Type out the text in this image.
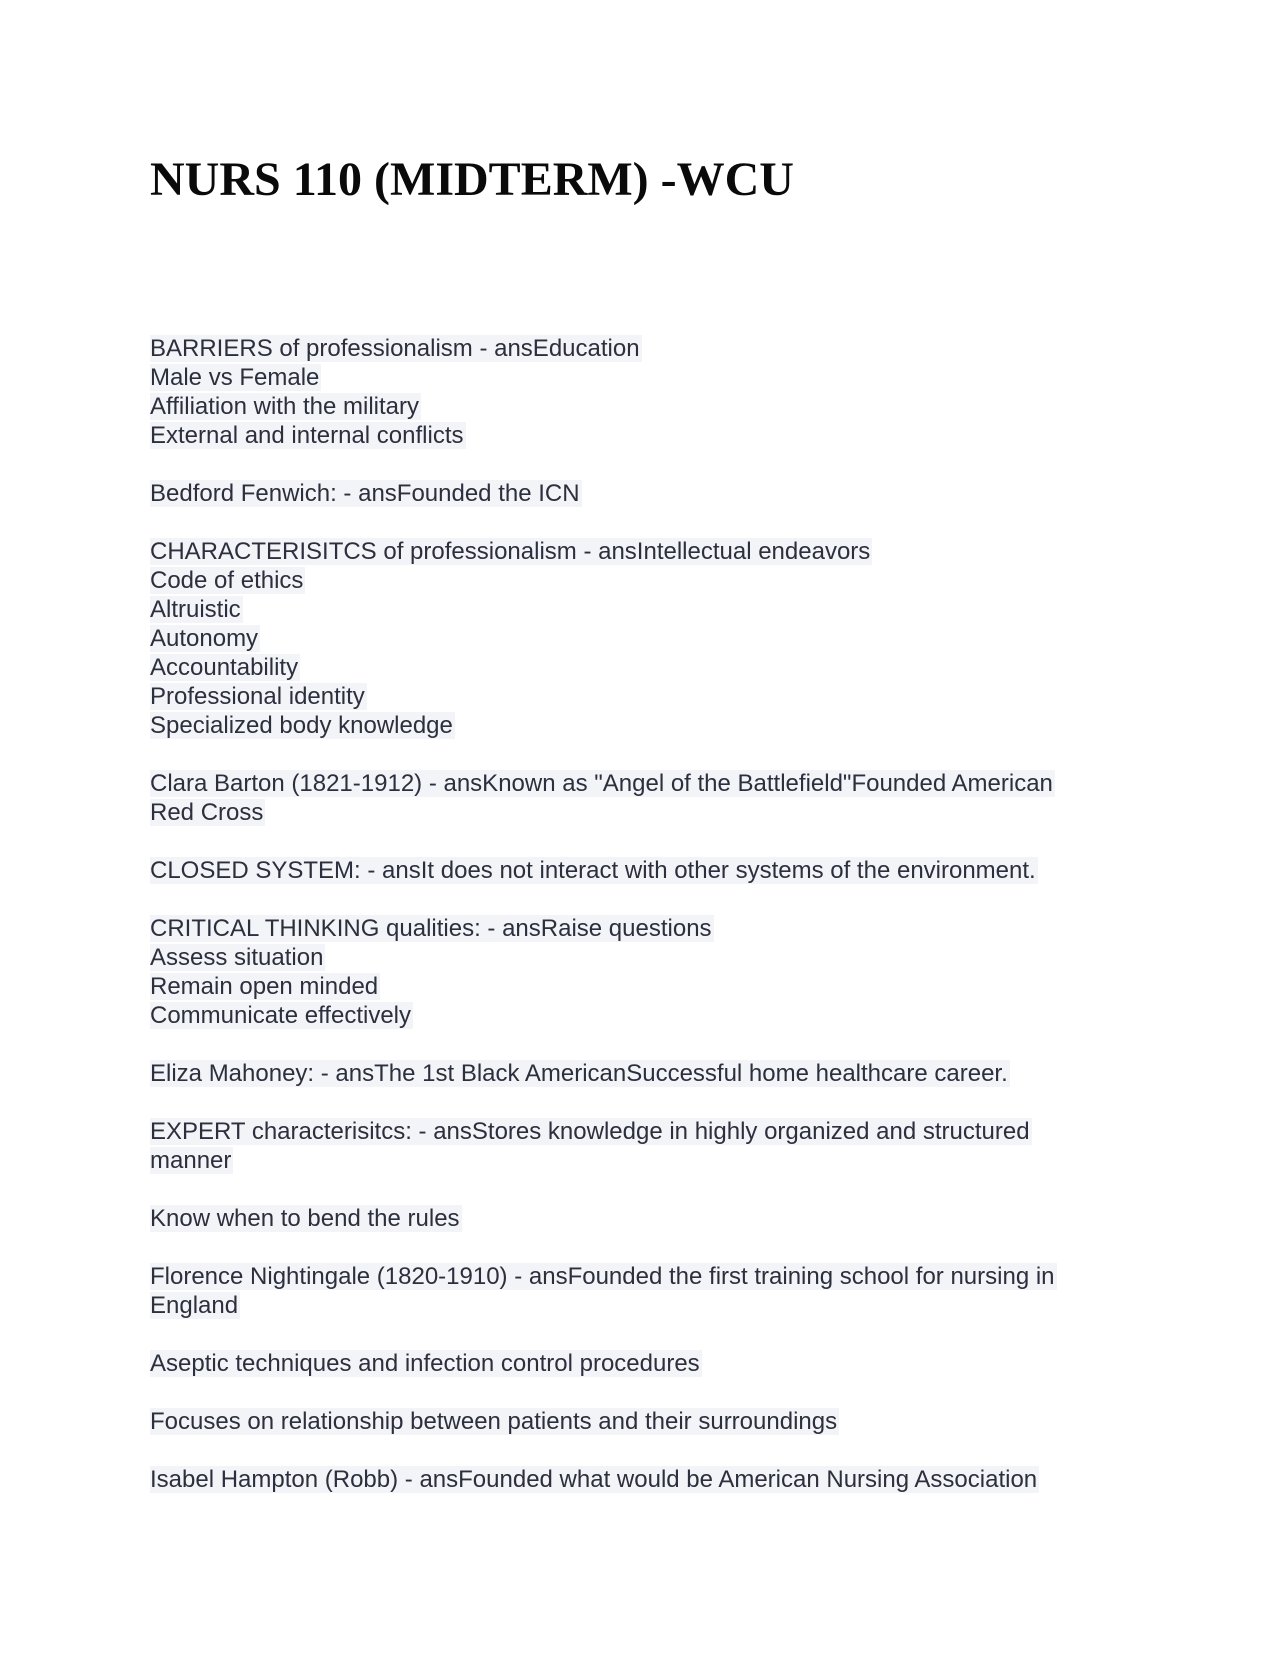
NURS 110 (MIDTERM) -WCU
BARRIERS of professionalism - ansEducation
Male vs Female
Affiliation with the military
External and internal conflicts
Bedford Fenwich: - ansFounded the ICN
CHARACTERISITCS of professionalism - ansIntellectual endeavors
Code of ethics
Altruistic
Autonomy
Accountability
Professional identity
Specialized body knowledge
Clara Barton (1821-1912) - ansKnown as "Angel of the Battlefield"Founded American
Red Cross
CLOSED SYSTEM: - ansIt does not interact with other systems of the environment.
CRITICAL THINKING qualities: - ansRaise questions
Assess situation
Remain open minded
Communicate effectively
Eliza Mahoney: - ansThe 1st Black AmericanSuccessful home healthcare career.
EXPERT characterisitcs: - ansStores knowledge in highly organized and structured
manner
Know when to bend the rules
Florence Nightingale (1820-1910) - ansFounded the first training school for nursing in
England
Aseptic techniques and infection control procedures
Focuses on relationship between patients and their surroundings
Isabel Hampton (Robb) - ansFounded what would be American Nursing Association
